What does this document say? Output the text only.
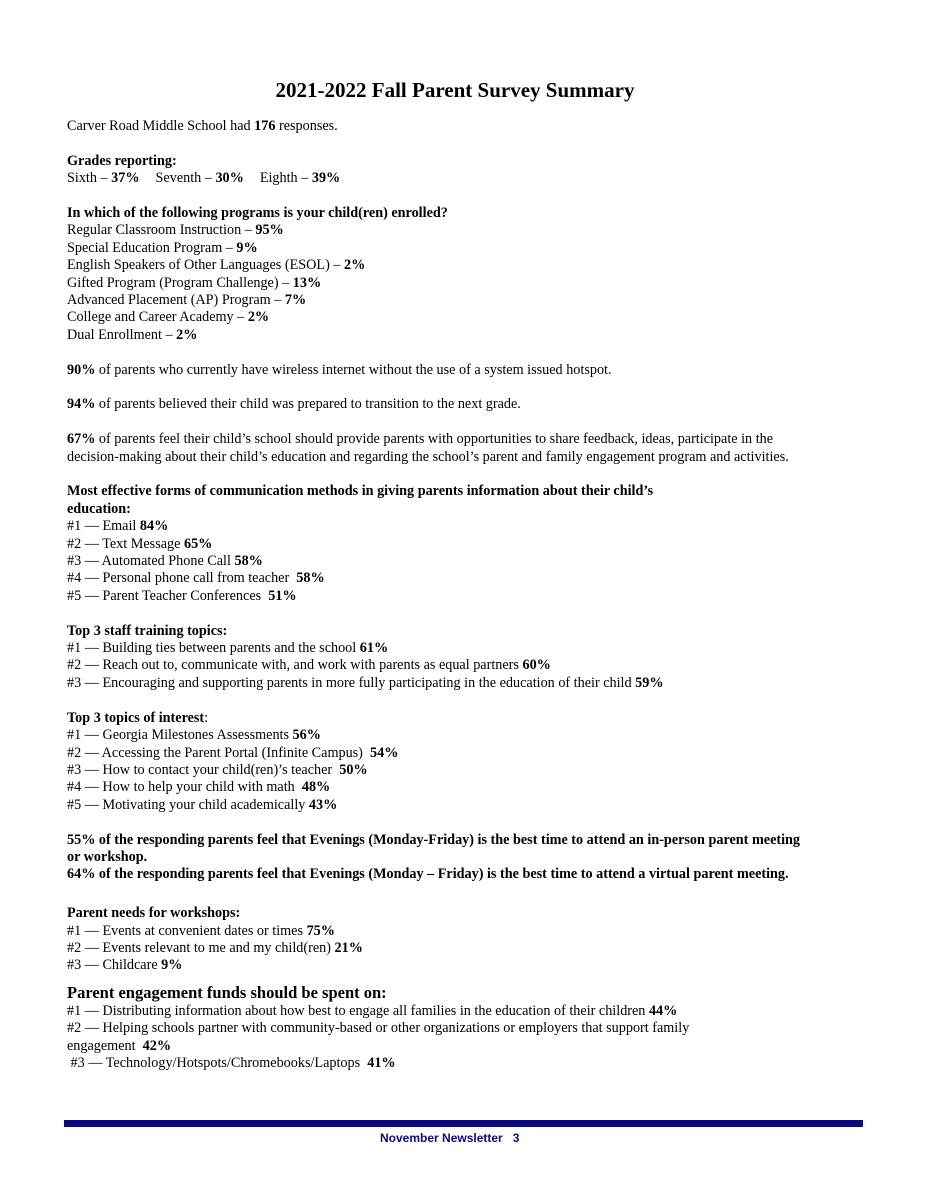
2021-2022 Fall Parent Survey Summary
Carver Road Middle School had 176 responses.
Grades reporting:
Sixth – 37% Seventh – 30% Eighth – 39%
In which of the following programs is your child(ren) enrolled?
Regular Classroom Instruction – 95%
Special Education Program – 9%
English Speakers of Other Languages (ESOL) – 2%
Gifted Program (Program Challenge) – 13%
Advanced Placement (AP) Program – 7%
College and Career Academy – 2%
Dual Enrollment – 2%
90% of parents who currently have wireless internet without the use of a system issued hotspot.
94% of parents believed their child was prepared to transition to the next grade.
67% of parents feel their child’s school should provide parents with opportunities to share feedback, ideas, participate in the decision-making about their child’s education and regarding the school’s parent and family engagement program and activities.
Most effective forms of communication methods in giving parents information about their child’s
education:
#1 — Email 84%
#2 — Text Message 65%
#3 — Automated Phone Call 58%
#4 — Personal phone call from teacher  58%
#5 — Parent Teacher Conferences  51%
Top 3 staff training topics:
#1 — Building ties between parents and the school 61%
#2 — Reach out to, communicate with, and work with parents as equal partners 60%
#3 — Encouraging and supporting parents in more fully participating in the education of their child 59%
Top 3 topics of interest:
#1 — Georgia Milestones Assessments 56%
#2 — Accessing the Parent Portal (Infinite Campus)  54%
#3 — How to contact your child(ren)’s teacher  50%
#4 — How to help your child with math  48%
#5 — Motivating your child academically 43%
55% of the responding parents feel that Evenings (Monday-Friday) is the best time to attend an in-person parent meeting
or workshop.
64% of the responding parents feel that Evenings (Monday – Friday) is the best time to attend a virtual parent meeting.
Parent needs for workshops:
#1 — Events at convenient dates or times 75%
#2 — Events relevant to me and my child(ren) 21%
#3 — Childcare 9%
Parent engagement funds should be spent on:
#1 — Distributing information about how best to engage all families in the education of their children 44%
#2 — Helping schools partner with community-based or other organizations or employers that support family
engagement  42%
#3 — Technology/Hotspots/Chromebooks/Laptops  41%
November Newsletter 3
